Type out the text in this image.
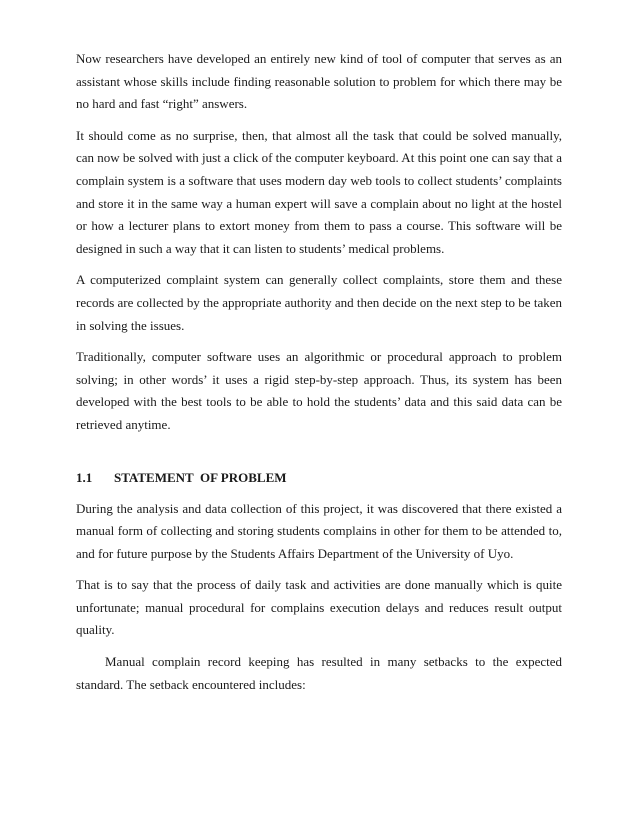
Now researchers have developed an entirely new kind of tool of computer that serves as an assistant whose skills include finding reasonable solution to problem for which there may be no hard and fast “right” answers.

It should come as no surprise, then, that almost all the task that could be solved manually, can now be solved with just a click of the computer keyboard. At this point one can say that a complain system is a software that uses modern day web tools to collect students’ complaints and store it in the same way a human expert will save a complain about no light at the hostel or how a lecturer plans to extort money from them to pass a course. This software will be designed in such a way that it can listen to students’ medical problems.

A computerized complaint system can generally collect complaints, store them and these records are collected by the appropriate authority and then decide on the next step to be taken in solving the issues.

Traditionally, computer software uses an algorithmic or procedural approach to problem solving; in other words’ it uses a rigid step-by-step approach. Thus, its system has been developed with the best tools to be able to hold the students’ data and this said data can be retrieved anytime.

1.1	STATEMENT  OF PROBLEM

During the analysis and data collection of this project, it was discovered that there existed a manual form of collecting and storing students complains in other for them to be attended to, and for future purpose by the Students Affairs Department of the University of Uyo.

That is to say that the process of daily task and activities are done manually which is quite unfortunate; manual procedural for complains execution delays and reduces result output quality.

Manual complain record keeping has resulted in many setbacks to the expected standard. The setback encountered includes:
